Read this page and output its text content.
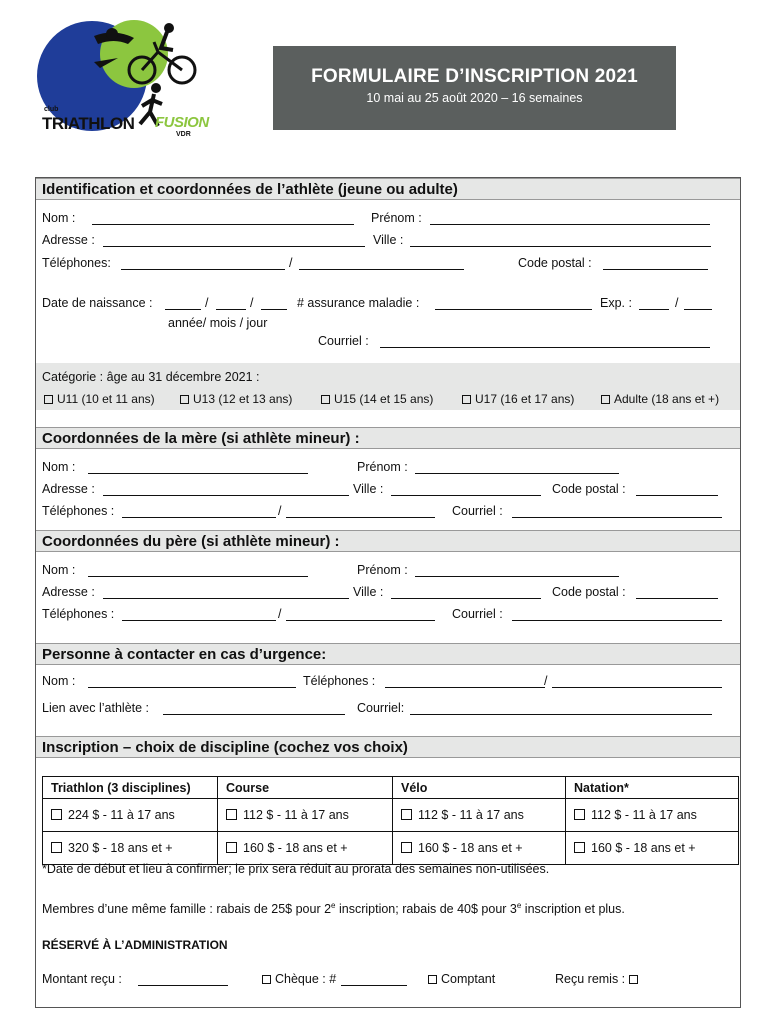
club
TRIATHLON FUSION
VDR
FORMULAIRE D’INSCRIPTION 2021
10 mai au 25 août 2020 – 16 semaines
Identification et coordonnées de l’athlète (jeune ou adulte)
Nom :	Prénom :
Adresse :	Ville :
Téléphones:	/	Code postal :
Date de naissance :	/	/	# assurance maladie :	Exp. :	/
année/ mois / jour
Courriel :
Catégorie : âge au 31 décembre 2021 :
U11 (10 et 11 ans)	U13 (12 et 13 ans)	U15 (14 et 15 ans)	U17 (16 et 17 ans)	Adulte (18 ans et +)
Coordonnées de la mère (si athlète mineur) :
Nom :	Prénom :
Adresse :	Ville :	Code postal :
Téléphones :	/	Courriel :
Coordonnées du père (si athlète mineur) :
Nom :	Prénom :
Adresse :	Ville :	Code postal :
Téléphones :	/	Courriel :
Personne à contacter en cas d’urgence:
Nom :	Téléphones :	/
Lien avec l’athlète :	Courriel:
Inscription – choix de discipline (cochez vos choix)
Triathlon (3 disciplines)	Course	Vélo	Natation*
224 $ - 11 à 17 ans	112 $ - 11 à 17 ans	112 $ - 11 à 17 ans	112 $ - 11 à 17 ans
320 $ - 18 ans et +	160 $ - 18 ans et +	160 $ - 18 ans et +	160 $ - 18 ans et +
*Date de début et lieu à confirmer; le prix sera réduit au prorata des semaines non-utilisées.
Membres d’une même famille : rabais de 25$ pour 2e inscription; rabais de 40$ pour 3e inscription et plus.
RÉSERVÉ À L’ADMINISTRATION
Montant reçu :	Chèque : #	Comptant	Reçu remis :
